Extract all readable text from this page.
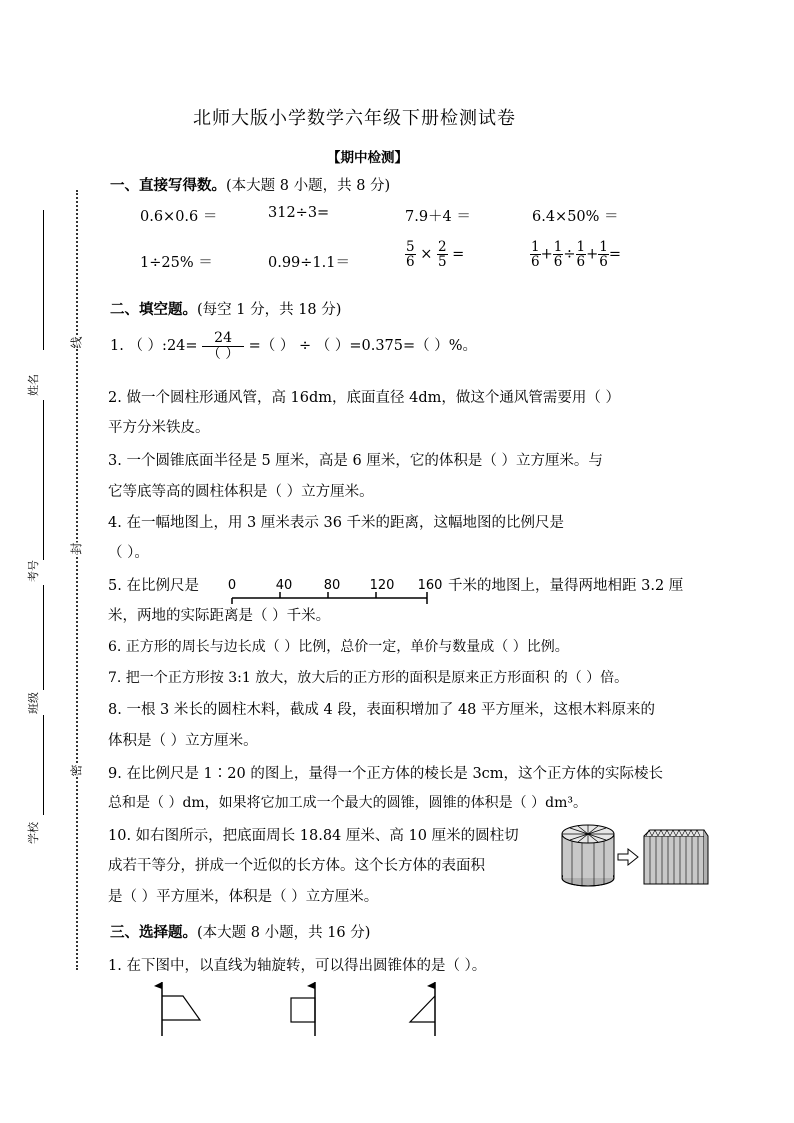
姓名
考号
班级
学校
线
封
密
北师大版小学数学六年级下册检测试卷
【期中检测】
一、直接写得数。(本大题 8 小题，共 8 分)
0.6×0.6 ＝	312÷3=	7.9＋4 ＝	6.4×50% ＝
1÷25% ＝	0.99÷1.1＝	$\frac{5}{6} \times \frac{2}{5}$ =	$\frac{1}{6} + \frac{1}{6} \div \frac{1}{6} + \frac{1}{6}$ =
二、填空题。(每空 1 分，共 18 分)
1. （ ）:24= $\frac{24}{( )}$ =（ ） ÷ （ ）=0.375=（ ）%。
2. 做一个圆柱形通风管，高 16dm，底面直径 4dm，做这个通风管需要用（ ）
平方分米铁皮。
3. 一个圆锥底面半径是 5 厘米，高是 6 厘米，它的体积是（ ）立方厘米。与
它等底等高的圆柱体积是（ ）立方厘米。
4. 在一幅地图上，用 3 厘米表示 36 千米的距离，这幅地图的比例尺是
（ ）。
5. 在比例尺是 0	40 80 120 160 千米的地图上，量得两地相距 3.2 厘
米，两地的实际距离是（ ）千米。
6. 正方形的周长与边长成（ ）比例，总价一定，单价与数量成（ ）比例。
7. 把一个正方形按 3:1 放大，放大后的正方形的面积是原来正方形面积 的（ ）倍。
8. 一根 3 米长的圆柱木料，截成 4 段，表面积增加了 48 平方厘米，这根木料原来的
体积是（ ）立方厘米。
9. 在比例尺是 1∶20 的图上，量得一个正方体的棱长是 3cm，这个正方体的实际棱长
总和是（ ）dm，如果将它加工成一个最大的圆锥，圆锥的体积是（ ）dm³。
10. 如右图所示，把底面周长 18.84 厘米、高 10 厘米的圆柱切
成若干等分，拼成一个近似的长方体。这个长方体的表面积
是（ ）平方厘米，体积是（ ）立方厘米。
三、选择题。(本大题 8 小题，共 16 分)
1. 在下图中，以直线为轴旋转，可以得出圆锥体的是（ ）。
